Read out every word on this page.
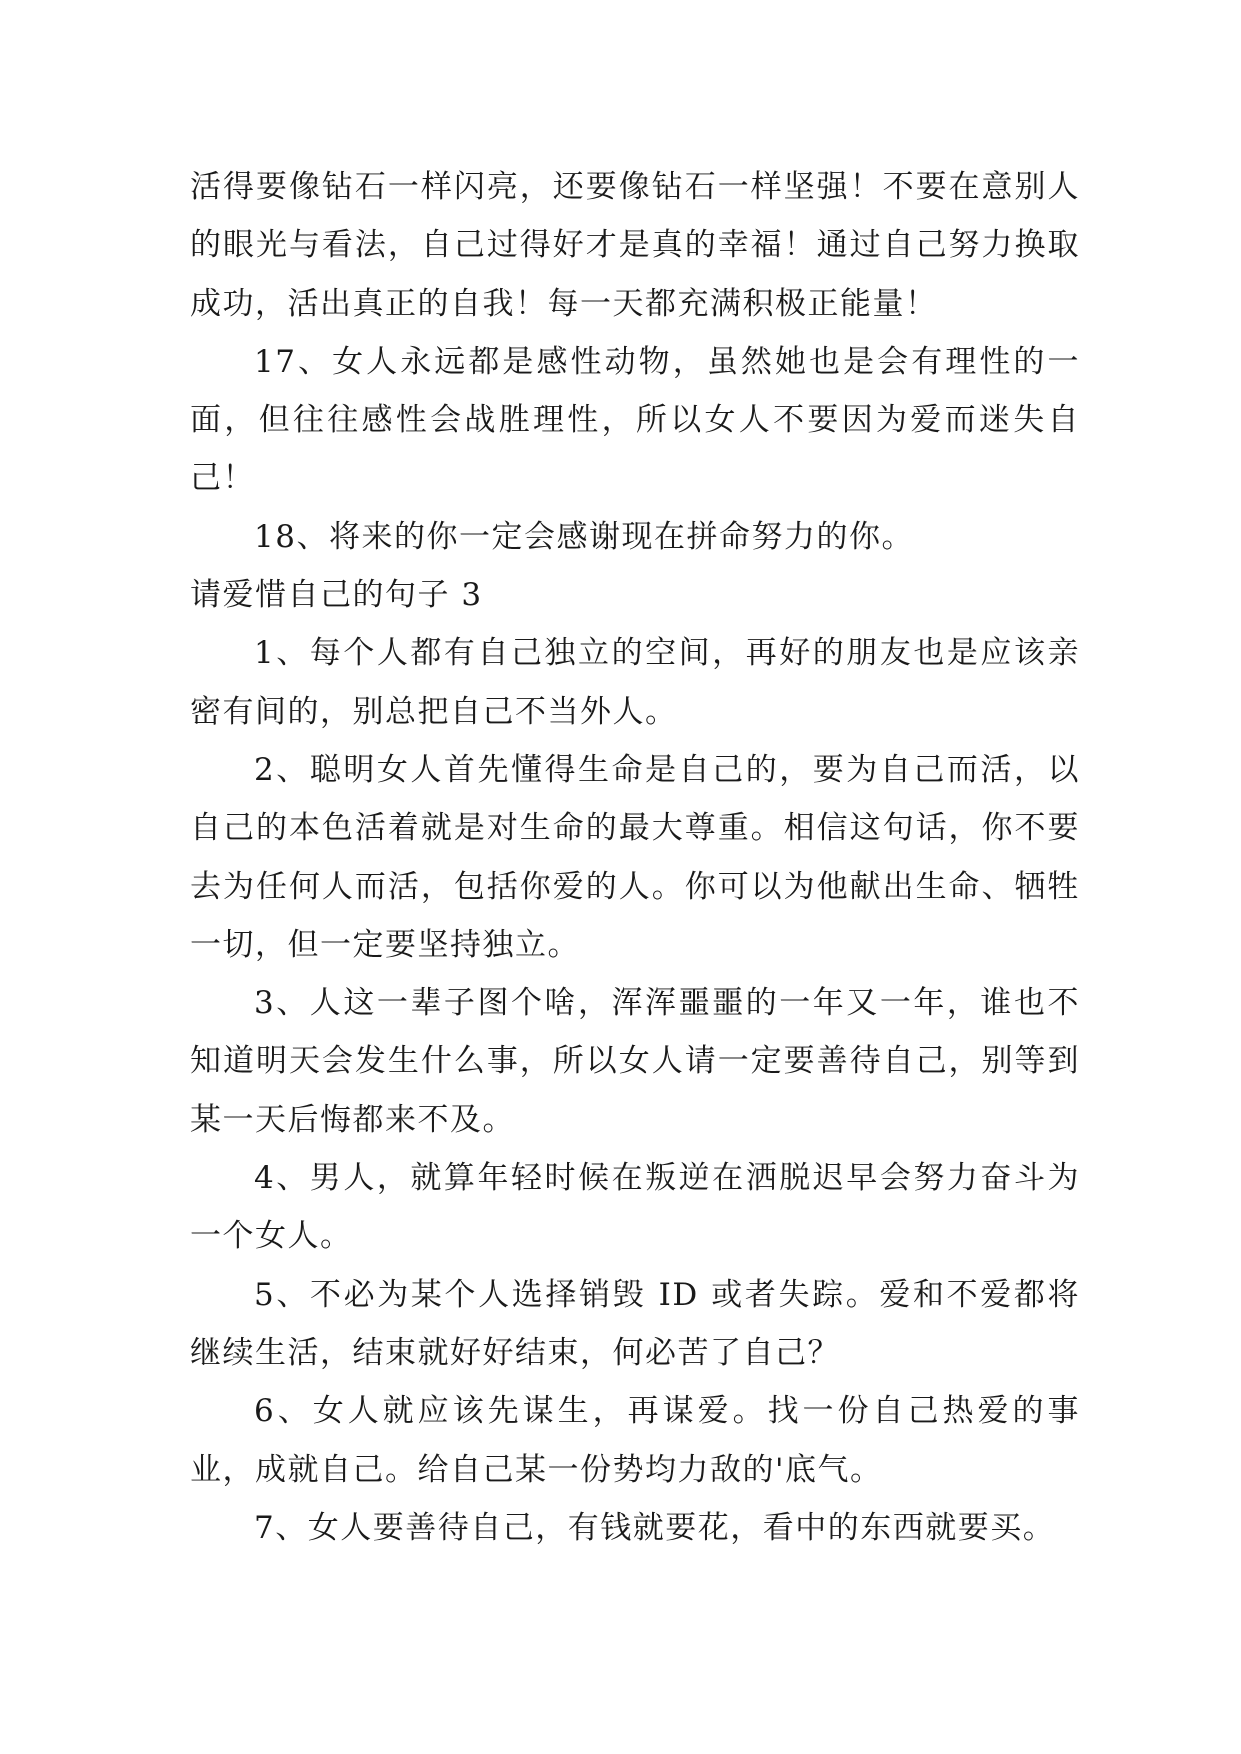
活得要像钻石一样闪亮，还要像钻石一样坚强！不要在意别人的眼光与看法，自己过得好才是真的幸福！通过自己努力换取成功，活出真正的自我！每一天都充满积极正能量！

17、女人永远都是感性动物，虽然她也是会有理性的一面，但往往感性会战胜理性，所以女人不要因为爱而迷失自己！

18、将来的你一定会感谢现在拼命努力的你。

请爱惜自己的句子 3

1、每个人都有自己独立的空间，再好的朋友也是应该亲密有间的，别总把自己不当外人。

2、聪明女人首先懂得生命是自己的，要为自己而活，以自己的本色活着就是对生命的最大尊重。相信这句话，你不要去为任何人而活，包括你爱的人。你可以为他献出生命、牺牲一切，但一定要坚持独立。

3、人这一辈子图个啥，浑浑噩噩的一年又一年，谁也不知道明天会发生什么事，所以女人请一定要善待自己，别等到某一天后悔都来不及。

4、男人，就算年轻时候在叛逆在洒脱迟早会努力奋斗为一个女人。

5、不必为某个人选择销毁 ID 或者失踪。爱和不爱都将继续生活，结束就好好结束，何必苦了自己？

6、女人就应该先谋生，再谋爱。找一份自己热爱的事业，成就自己。给自己某一份势均力敌的'底气。

7、女人要善待自己，有钱就要花，看中的东西就要买。
